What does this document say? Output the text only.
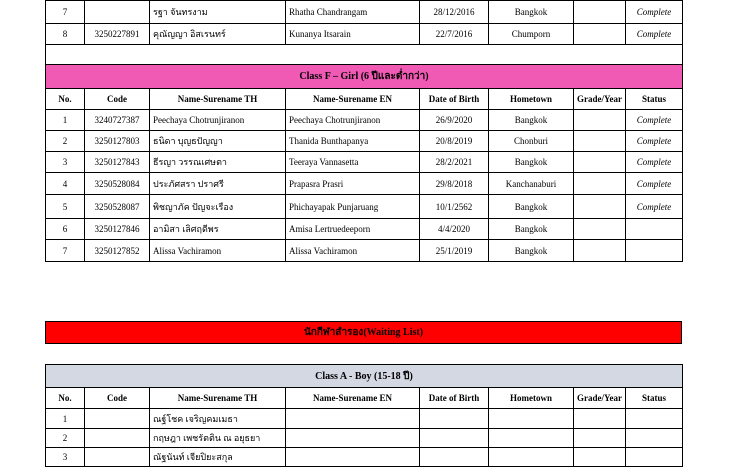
7		รฐา จันทรงาม	Rhatha Chandrangam	28/12/2016	Bangkok		Complete
8	3250227891	คุณัญญา อิสเรนทร์	Kunanya Itsarain	22/7/2016	Chumporn		Complete

Class F – Girl (6 ปีและต่ำกว่า)							
No.	Code	Name-Surename TH	Name-Surename EN	Date of Birth	Hometown	Grade/Year	Status
1	3240727387	Peechaya Chotrunjiranon	Peechaya Chotrunjiranon	26/9/2020	Bangkok		Complete
2	3250127803	ธนิดา บุญธปัญญา	Thanida Bunthapanya	20/8/2019	Chonburi		Complete
3	3250127843	ธีรญา วรรณเศษตา	Teeraya Vannasetta	28/2/2021	Bangkok		Complete
4	3250528084	ประภัศสรา ปราศรี	Prapasra Prasri	29/8/2018	Kanchanaburi		Complete
5	3250528087	พิชญาภัค ปัญจะเรือง	Phichayapak Punjaruang	10/1/2562	Bangkok		Complete
6	3250127846	อามิสา เลิศฤดีพร	Amisa Lertruedeeporn	4/4/2020	Bangkok		
7	3250127852	Alissa Vachiramon	Alissa Vachiramon	25/1/2019	Bangkok		
นักกีฬาสำรอง(Waiting List)
Class A - Boy (15-18 ปี)							
No.	Code	Name-Surename TH	Name-Surename EN	Date of Birth	Hometown	Grade/Year	Status
1		ณฐ์โชค เจริญคมเมธา					
2		กฤษฎา เพชรัตติน ณ อยุธยา					
3		ณัฐนันท์ เจียปิยะสกุล					
